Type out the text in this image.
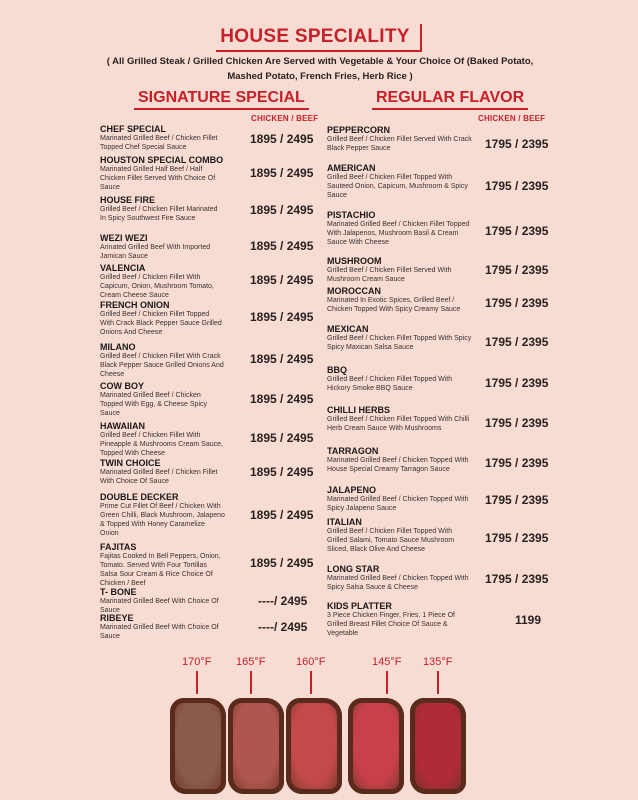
HOUSE SPECIALITY
( All Grilled Steak / Grilled Chicken Are Served with Vegetable & Your Choice Of (Baked Potato, Mashed Potato, French Fries, Herb Rice )
SIGNATURE SPECIAL	REGULAR FLAVOR
CHICKEN / BEEF	CHICKEN / BEEF
CHEF SPECIAL
Marinated Grilled Beef / Chicken Fillet Topped Chef Special Sauce
1895 / 2495
HOUSTON SPECIAL COMBO
Marinated Grilled Half Beef / Half Chicken Fillet Served With Choice Of Sauce
1895 / 2495
HOUSE FIRE
Grilled Beef / Chicken Fillet Marinated In Spicy Southwest Fire Sauce
1895 / 2495
WEZI WEZI
Arinated Grilled Beef With Imported Jamican Sauce
1895 / 2495
VALENCIA
Grilled Beef / Chicken Fillet With Capicum, Onion, Mushroom Tomato, Cream Cheese Sauce
1895 / 2495
FRENCH ONION
Grilled Beef / Chicken Fillet Topped With Crack Black Pepper Sauce Grilled Onions And Cheese
1895 / 2495
MILANO
Grilled Beef / Chicken Fillet With Crack Black Pepper Sauce Grilled Onions And Cheese
1895 / 2495
COW BOY
Marinated Grilled Beef / Chicken Topped With Egg, & Cheese Spicy Sauce
1895 / 2495
HAWAIIAN
Grilled Beef / Chicken Fillet With Pineapple & Mushrooms Cream Sauce, Topped With Cheese
1895 / 2495
TWIN CHOICE
Marinated Grilled Beef / Chicken Fillet With Choice Of Sauce
1895 / 2495
DOUBLE DECKER
Prime Cut Fillet Of Beef / Chicken With Green Chilli, Black Mushroom, Jalapeno & Topped With Honey Caramelize Onion
1895 / 2495
FAJITAS
Fajitas Cooked In Bell Peppers, Onion, Tomato. Served With Four Tortillas Salsa Sour Cream & Rice Choice Of Chicken / Beef
1895 / 2495
T- BONE
Marinated Grilled Beef With Choice Of Sauce
----/ 2495
RIBEYE
Marinated Grilled Beef With Choice Of Sauce
----/ 2495
PEPPERCORN
Grilled Beef / Chicken Fillet Served With Crack Black Pepper Sauce	1795 / 2395
AMERICAN
Grilled Beef / Chicken Fillet Topped With Sauteed Onion, Capicum, Mushroom & Spicy Sauce
1795 / 2395
PISTACHIO
Marinated Grilled Beef / Chicken Fillet Topped With Jalapenos, Mushroom Basil & Cream Sauce With Cheese
1795 / 2395
MUSHROOM
Grilled Beef / Chicken Fillet Served With Mushroom Cream Sauce
1795 / 2395
MOROCCAN
Marinated In Exotic Spices, Grilled Beef / Chicken Topped With Spicy Creamy Sauce	1795 / 2395
MEXICAN
Grilled Beef / Chicken Fillet Topped With Spicy Spicy Maxican Salsa Sauce	1795 / 2395
BBQ
Grilled Beef / Chicken Fillet Topped With Hickory Smoke BBQ Sauce	1795 / 2395
CHILLI HERBS
Grilled Beef / Chicken Fillet Topped With Chilli Herb Cream Sauce With Mushrooms	1795 / 2395
TARRAGON
Marinated Grilled Beef / Chicken Topped With House Special Creamy Tarragon Sauce	1795 / 2395
JALAPENO
Marinated Grilled Beef / Chicken Topped With Spicy Jalapeno Sauce
1795 / 2395
ITALIAN
Grilled Beef / Chicken Fillet Topped With Grilled Salami, Tomato Sauce Mushroom Sliced, Black Olive And Cheese
1795 / 2395
LONG STAR
Marinated Grilled Beef / Chicken Topped With Spicy Salsa Sauce & Cheese
1795 / 2395
KIDS PLATTER
3 Piece Chicken Finger, Fries, 1 Piece Of Grilled Breast Fillet Choice Of Sauce & Vegetable
1199
170°F 165°F	160°F	145°F 135°F
